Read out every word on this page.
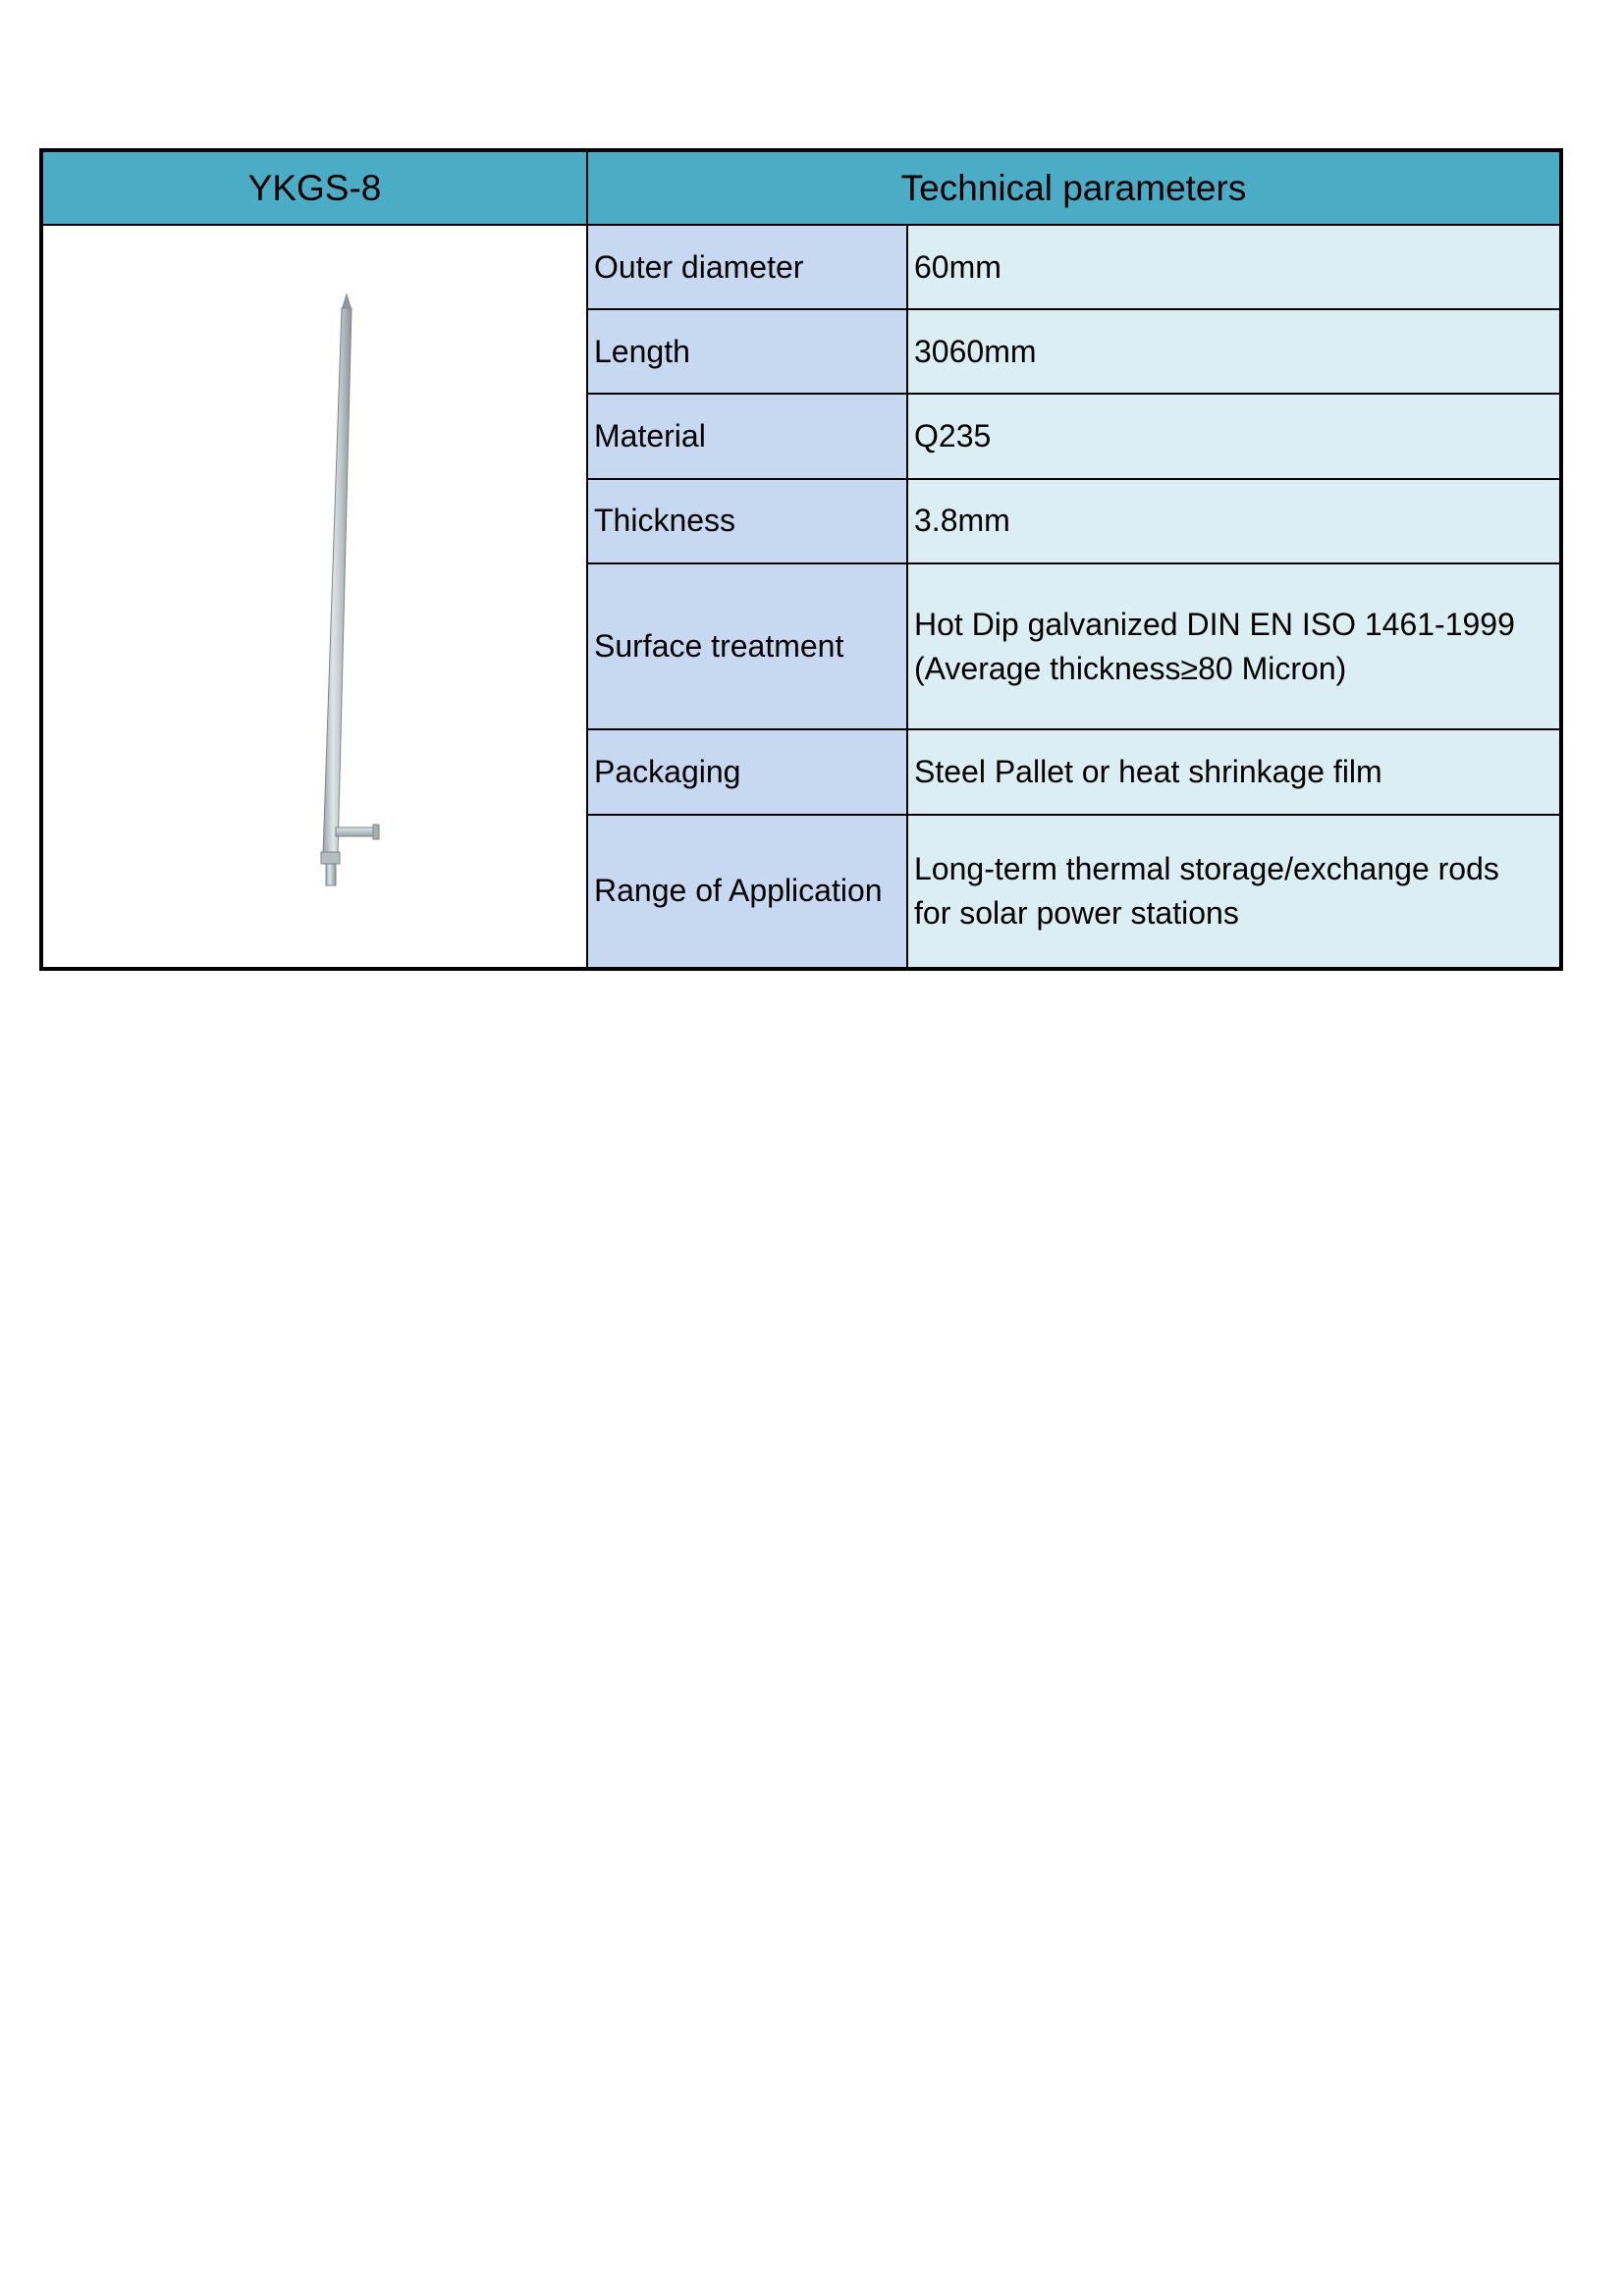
YKGS-8	Technical parameters	

	Outer diameter	60mm
	Length	3060mm
	Material	Q235
	Thickness	3.8mm
	Surface treatment	Hot Dip galvanized DIN EN ISO 1461-1999
(Average thickness≥80 Micron)

	Packaging	Steel Pallet or heat shrinkage film
	Range of Application	Long-term thermal storage/exchange rods
for solar power stations
